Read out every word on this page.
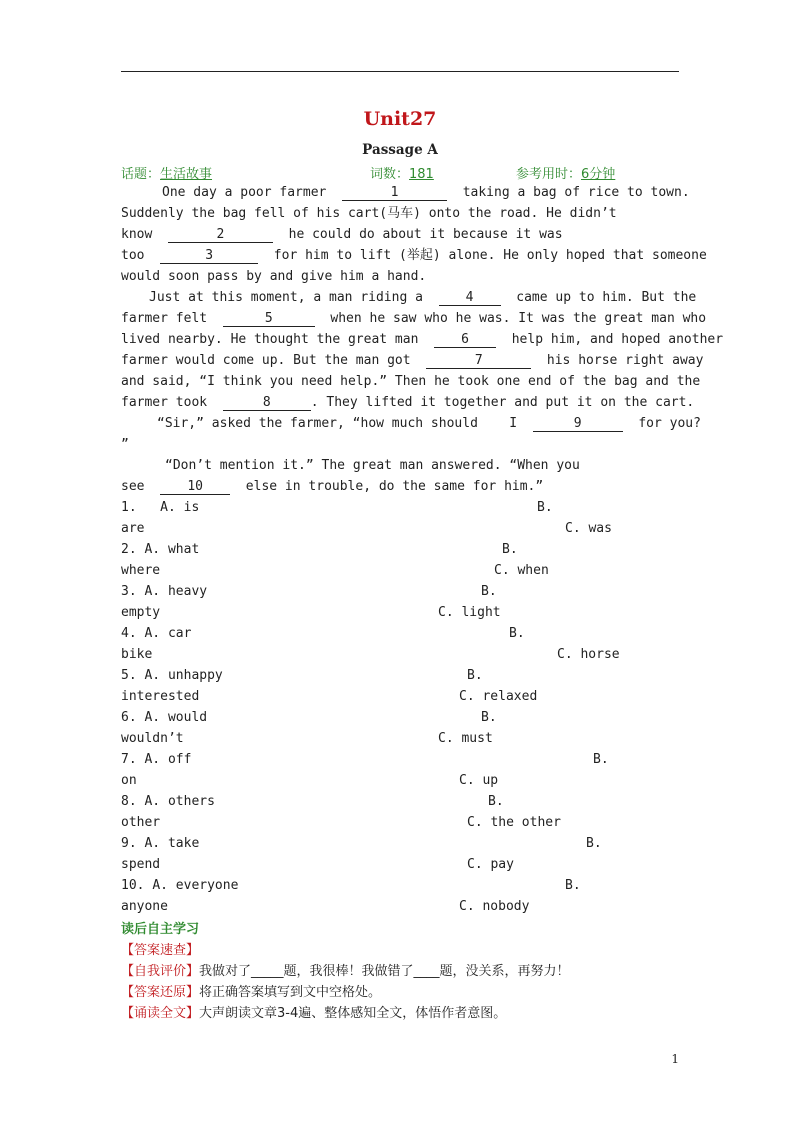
Unit27
Passage A
话题：生活故事	词数：181	参考用时：6分钟
One day a poor farmer	1	taking a bag of rice to town.
Suddenly the bag fell of his cart(马车) onto the road. He didn’t
know	2	he could do about it because it was
too	3	for him to lift (举起) alone. He only hoped that someone
would soon pass by and give him a hand.
Just at this moment, a man riding a	4	came up to him. But the
farmer felt	5	when he saw who he was. It was the great man who
lived nearby. He thought the great man	6	help him, and hoped another
farmer would come up. But the man got	7	his horse right away
and said, “I think you need help.” Then he took one end of the bag and the
farmer took	8	. They lifted it together and put it on the cart.
“Sir,” asked the farmer, “how much should    I	9	for you?
”
“Don’t mention it.” The great man answered. “When you
see	10	else in trouble, do the same for him.”
1. A. is	B.
are	C. was
2. A. what	B.
where	C. when
3. A. heavy	B.
empty	C. light
4. A. car	B.
bike	C. horse
5. A. unhappy	B.
interested	C. relaxed
6. A. would	B.
wouldn’t	C. must
7. A. off	B.
on	C. up
8. A. others	B.
other	C. the other
9. A. take	B.
spend	C. pay
10. A. everyone	B.
anyone	C. nobody
读后自主学习
【答案速查】
【自我评价】我做对了_____题，我很棒！我做错了____题，没关系，再努力！
【答案还原】将正确答案填写到文中空格处。
【诵读全文】大声朗读文章3-4遍、整体感知全文，体悟作者意图。
1
